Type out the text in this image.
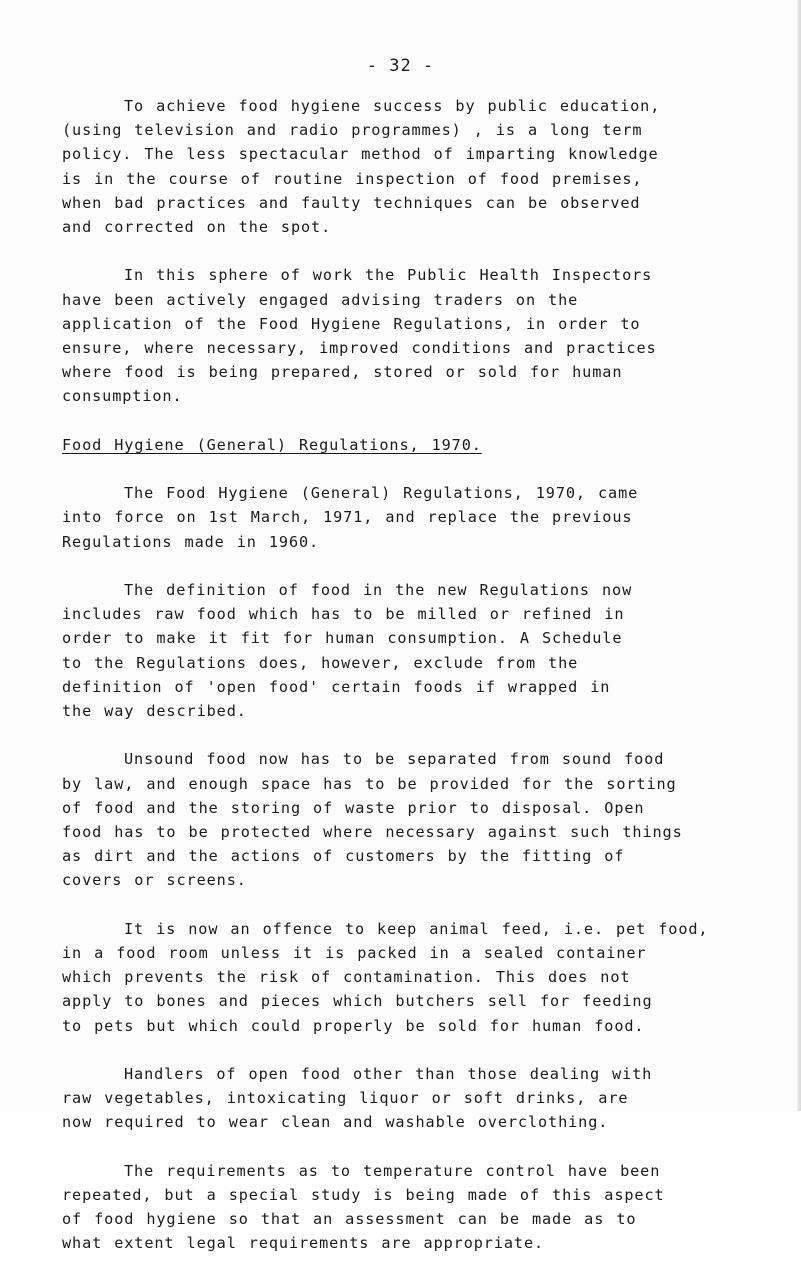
- 32 -

To achieve food hygiene success by public education,
(using television and radio programmes) , is a long term
policy. The less spectacular method of imparting knowledge
is in the course of routine inspection of food premises,
when bad practices and faulty techniques can be observed
and corrected on the spot.

In this sphere of work the Public Health Inspectors
have been actively engaged advising traders on the
application of the Food Hygiene Regulations, in order to
ensure, where necessary, improved conditions and practices
where food is being prepared, stored or sold for human
consumption.

Food Hygiene (General) Regulations, 1970.

The Food Hygiene (General) Regulations, 1970, came
into force on 1st March, 1971, and replace the previous
Regulations made in 1960.

The definition of food in the new Regulations now
includes raw food which has to be milled or refined in
order to make it fit for human consumption. A Schedule
to the Regulations does, however, exclude from the
definition of 'open food' certain foods if wrapped in
the way described.

Unsound food now has to be separated from sound food
by law, and enough space has to be provided for the sorting
of food and the storing of waste prior to disposal. Open
food has to be protected where necessary against such things
as dirt and the actions of customers by the fitting of
covers or screens.

It is now an offence to keep animal feed, i.e. pet food,
in a food room unless it is packed in a sealed container
which prevents the risk of contamination. This does not
apply to bones and pieces which butchers sell for feeding
to pets but which could properly be sold for human food.

Handlers of open food other than those dealing with
raw vegetables, intoxicating liquor or soft drinks, are
now required to wear clean and washable overclothing.

The requirements as to temperature control have been
repeated, but a special study is being made of this aspect
of food hygiene so that an assessment can be made as to
what extent legal requirements are appropriate.
